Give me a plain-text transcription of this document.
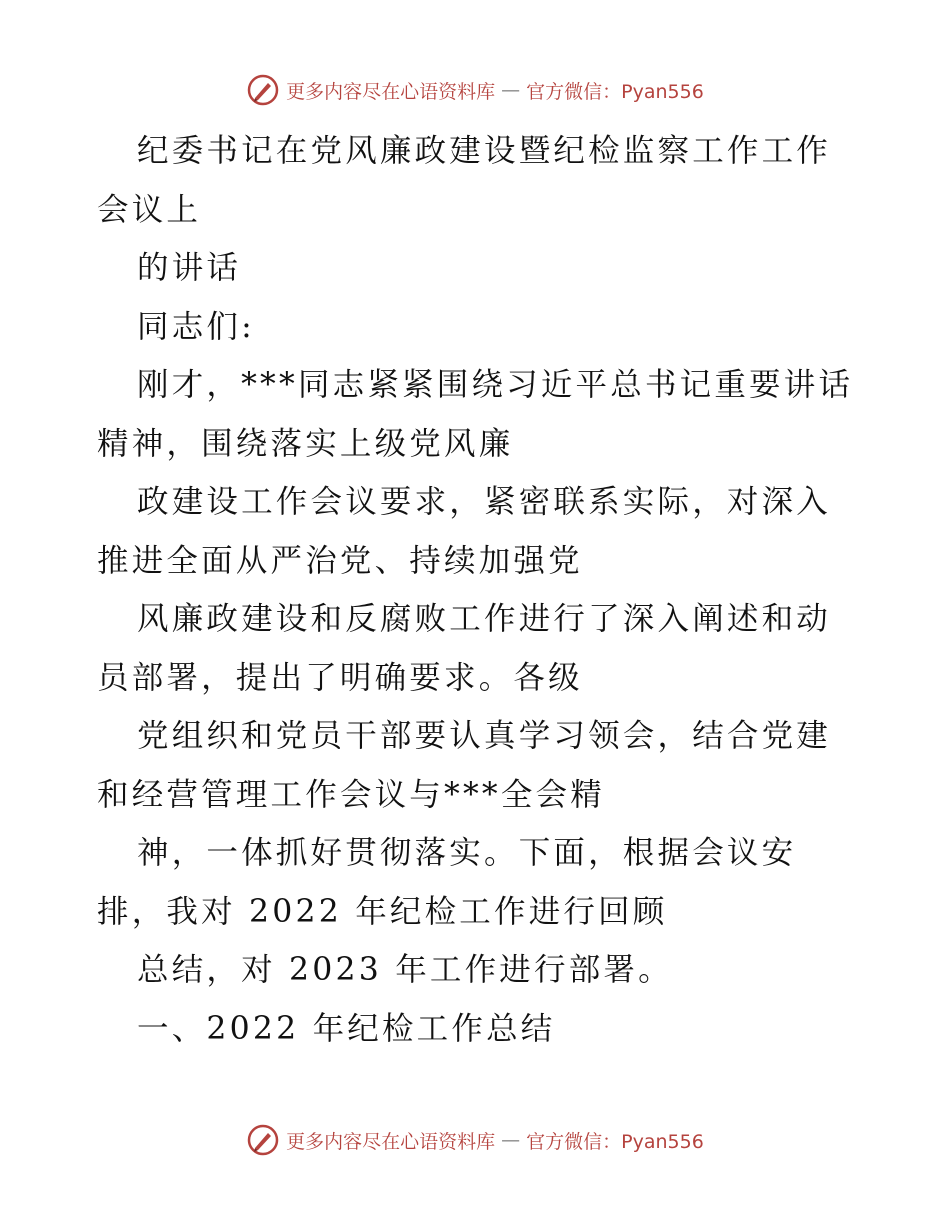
更多内容尽在心语资料库 — 官方微信：Pyan556

纪委书记在党风廉政建设暨纪检监察工作工作会议上

的讲话

同志们:

刚才，***同志紧紧围绕习近平总书记重要讲话精神，围绕落实上级党风廉

政建设工作会议要求，紧密联系实际，对深入推进全面从严治党、持续加强党

风廉政建设和反腐败工作进行了深入阐述和动员部署，提出了明确要求。各级

党组织和党员干部要认真学习领会，结合党建和经营管理工作会议与***全会精

神，一体抓好贯彻落实。下面，根据会议安排，我对 2022 年纪检工作进行回顾

总结，对 2023 年工作进行部署。

一、2022 年纪检工作总结

更多内容尽在心语资料库 — 官方微信：Pyan556
